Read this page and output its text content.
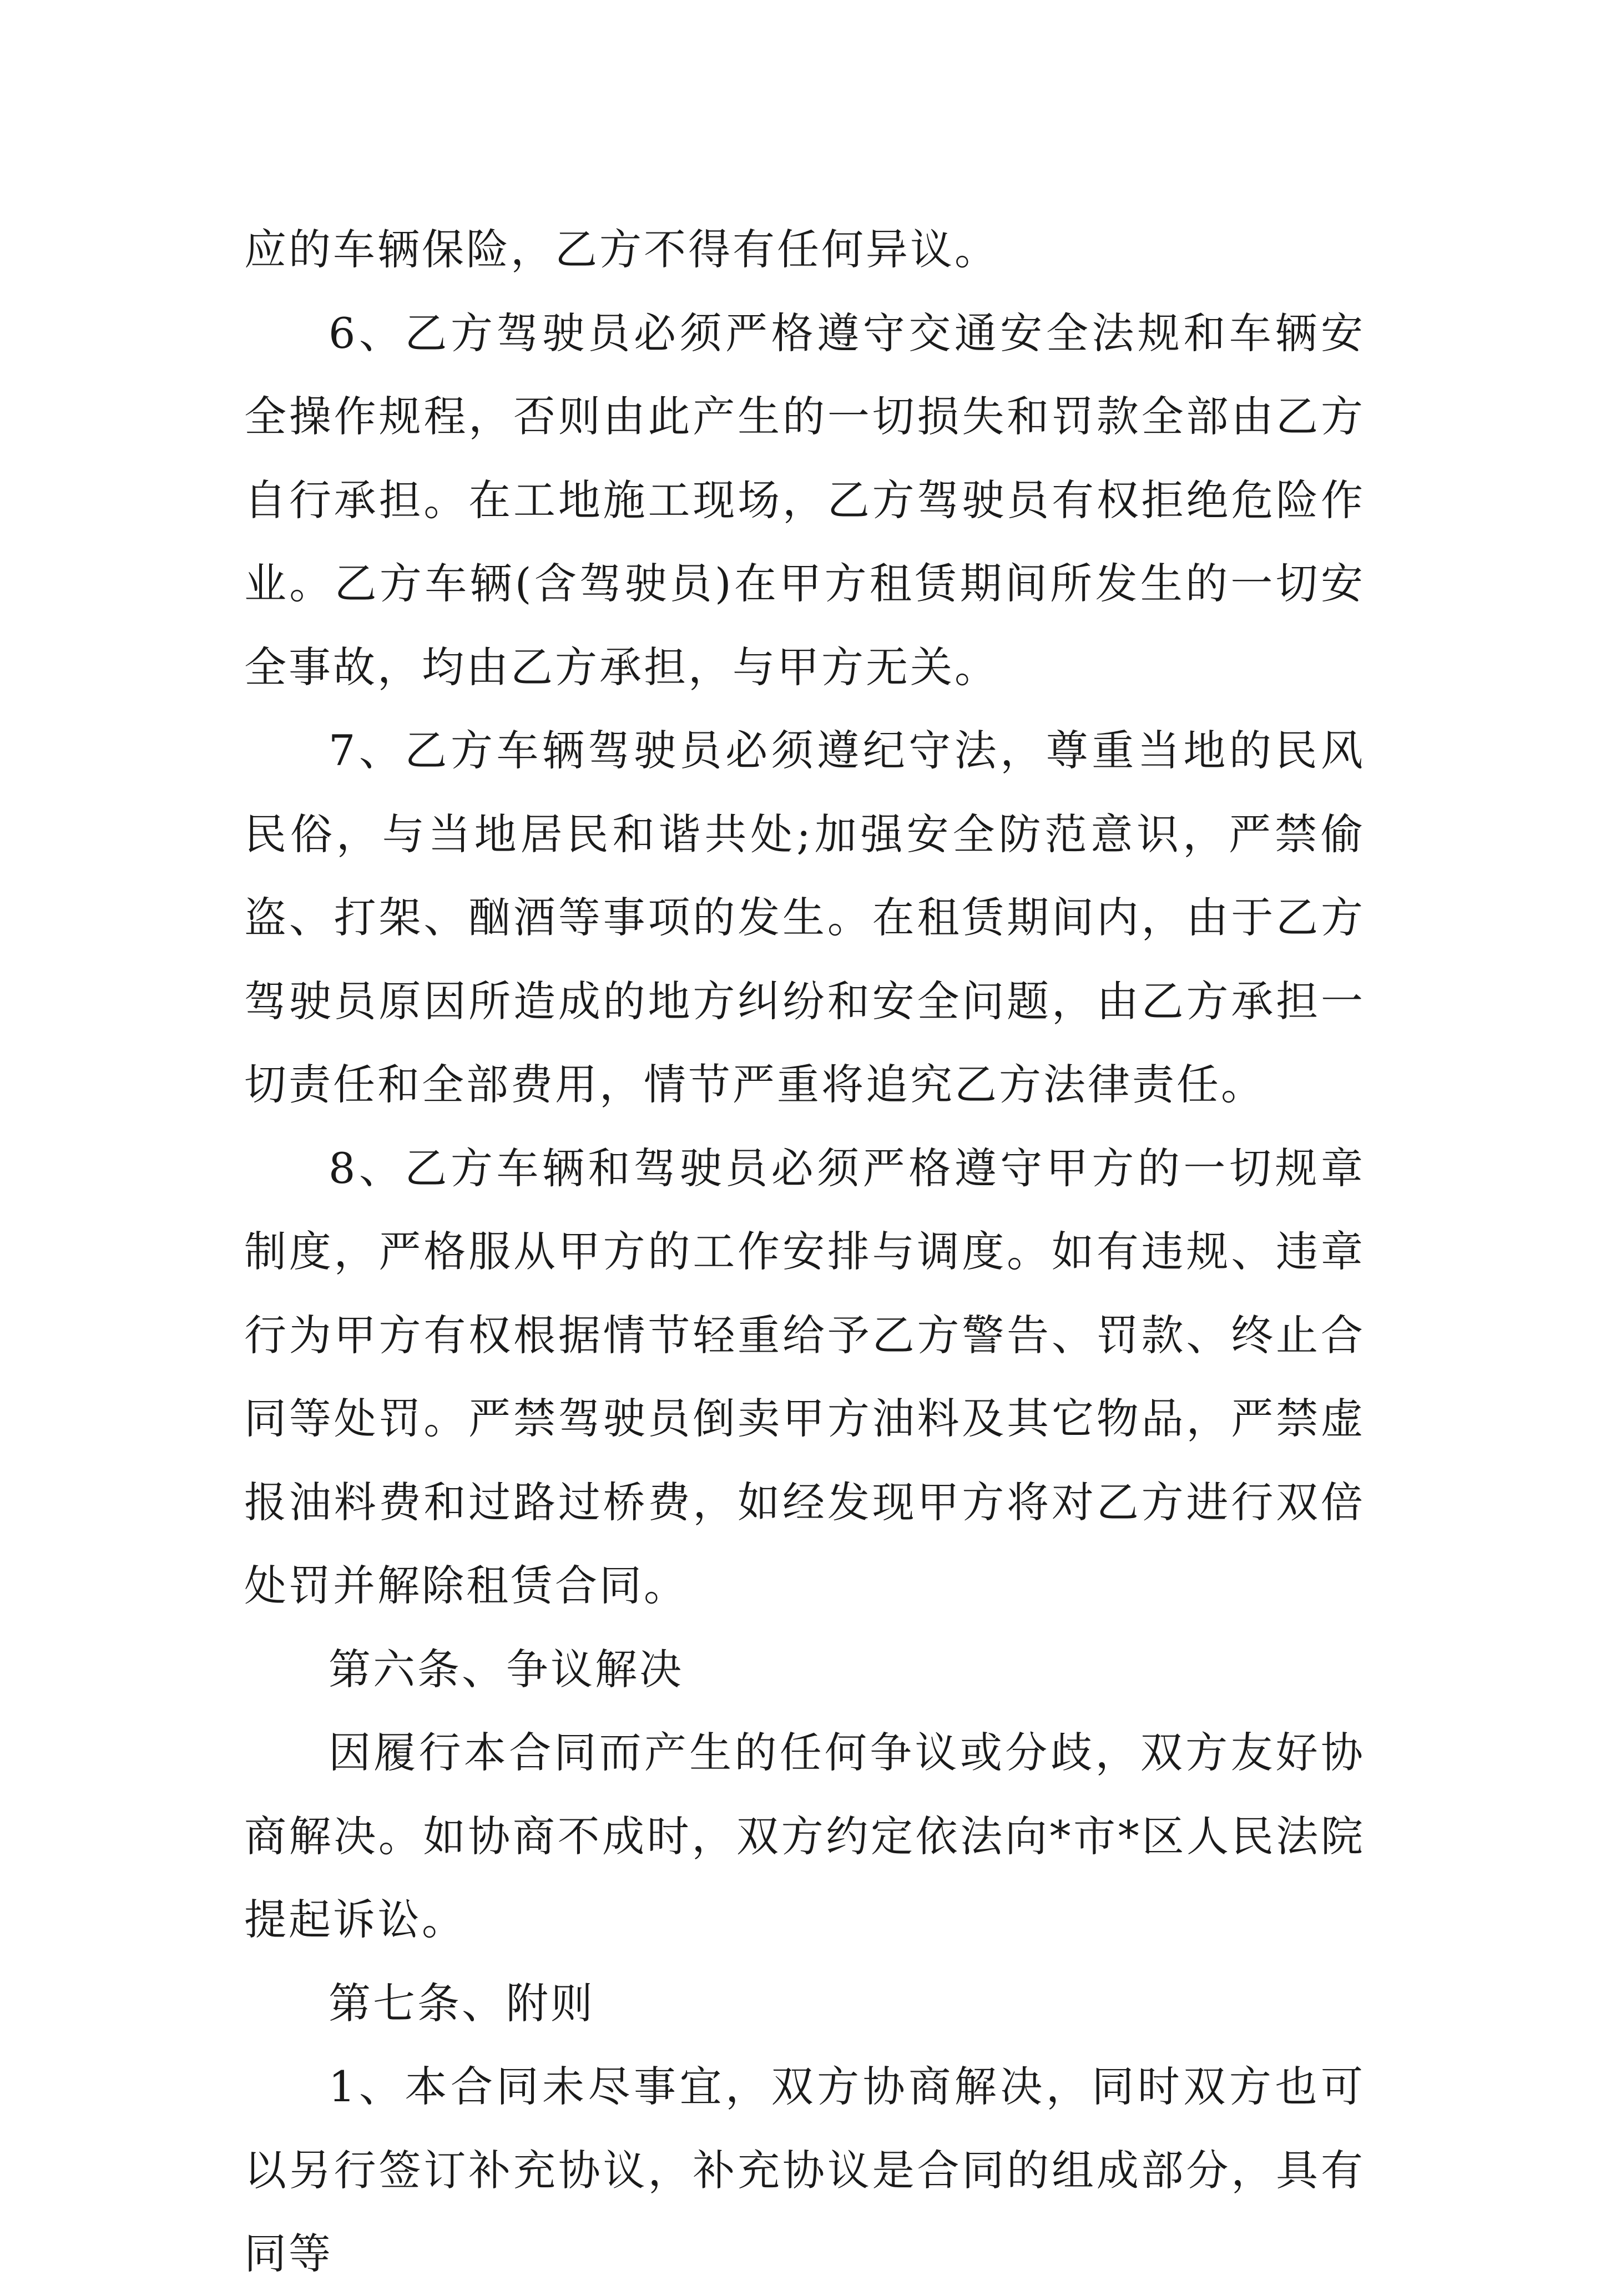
应的车辆保险，乙方不得有任何异议。

6、乙方驾驶员必须严格遵守交通安全法规和车辆安全操作规程，否则由此产生的一切损失和罚款全部由乙方自行承担。在工地施工现场，乙方驾驶员有权拒绝危险作业。乙方车辆(含驾驶员)在甲方租赁期间所发生的一切安全事故，均由乙方承担，与甲方无关。

7、乙方车辆驾驶员必须遵纪守法，尊重当地的民风民俗，与当地居民和谐共处;加强安全防范意识，严禁偷盗、打架、酗酒等事项的发生。在租赁期间内，由于乙方驾驶员原因所造成的地方纠纷和安全问题，由乙方承担一切责任和全部费用，情节严重将追究乙方法律责任。

8、乙方车辆和驾驶员必须严格遵守甲方的一切规章制度，严格服从甲方的工作安排与调度。如有违规、违章行为甲方有权根据情节轻重给予乙方警告、罚款、终止合同等处罚。严禁驾驶员倒卖甲方油料及其它物品，严禁虚报油料费和过路过桥费，如经发现甲方将对乙方进行双倍处罚并解除租赁合同。

第六条、争议解决

因履行本合同而产生的任何争议或分歧，双方友好协商解决。如协商不成时，双方约定依法向*市*区人民法院提起诉讼。

第七条、附则

1、本合同未尽事宜，双方协商解决，同时双方也可以另行签订补充协议，补充协议是合同的组成部分，具有同等
